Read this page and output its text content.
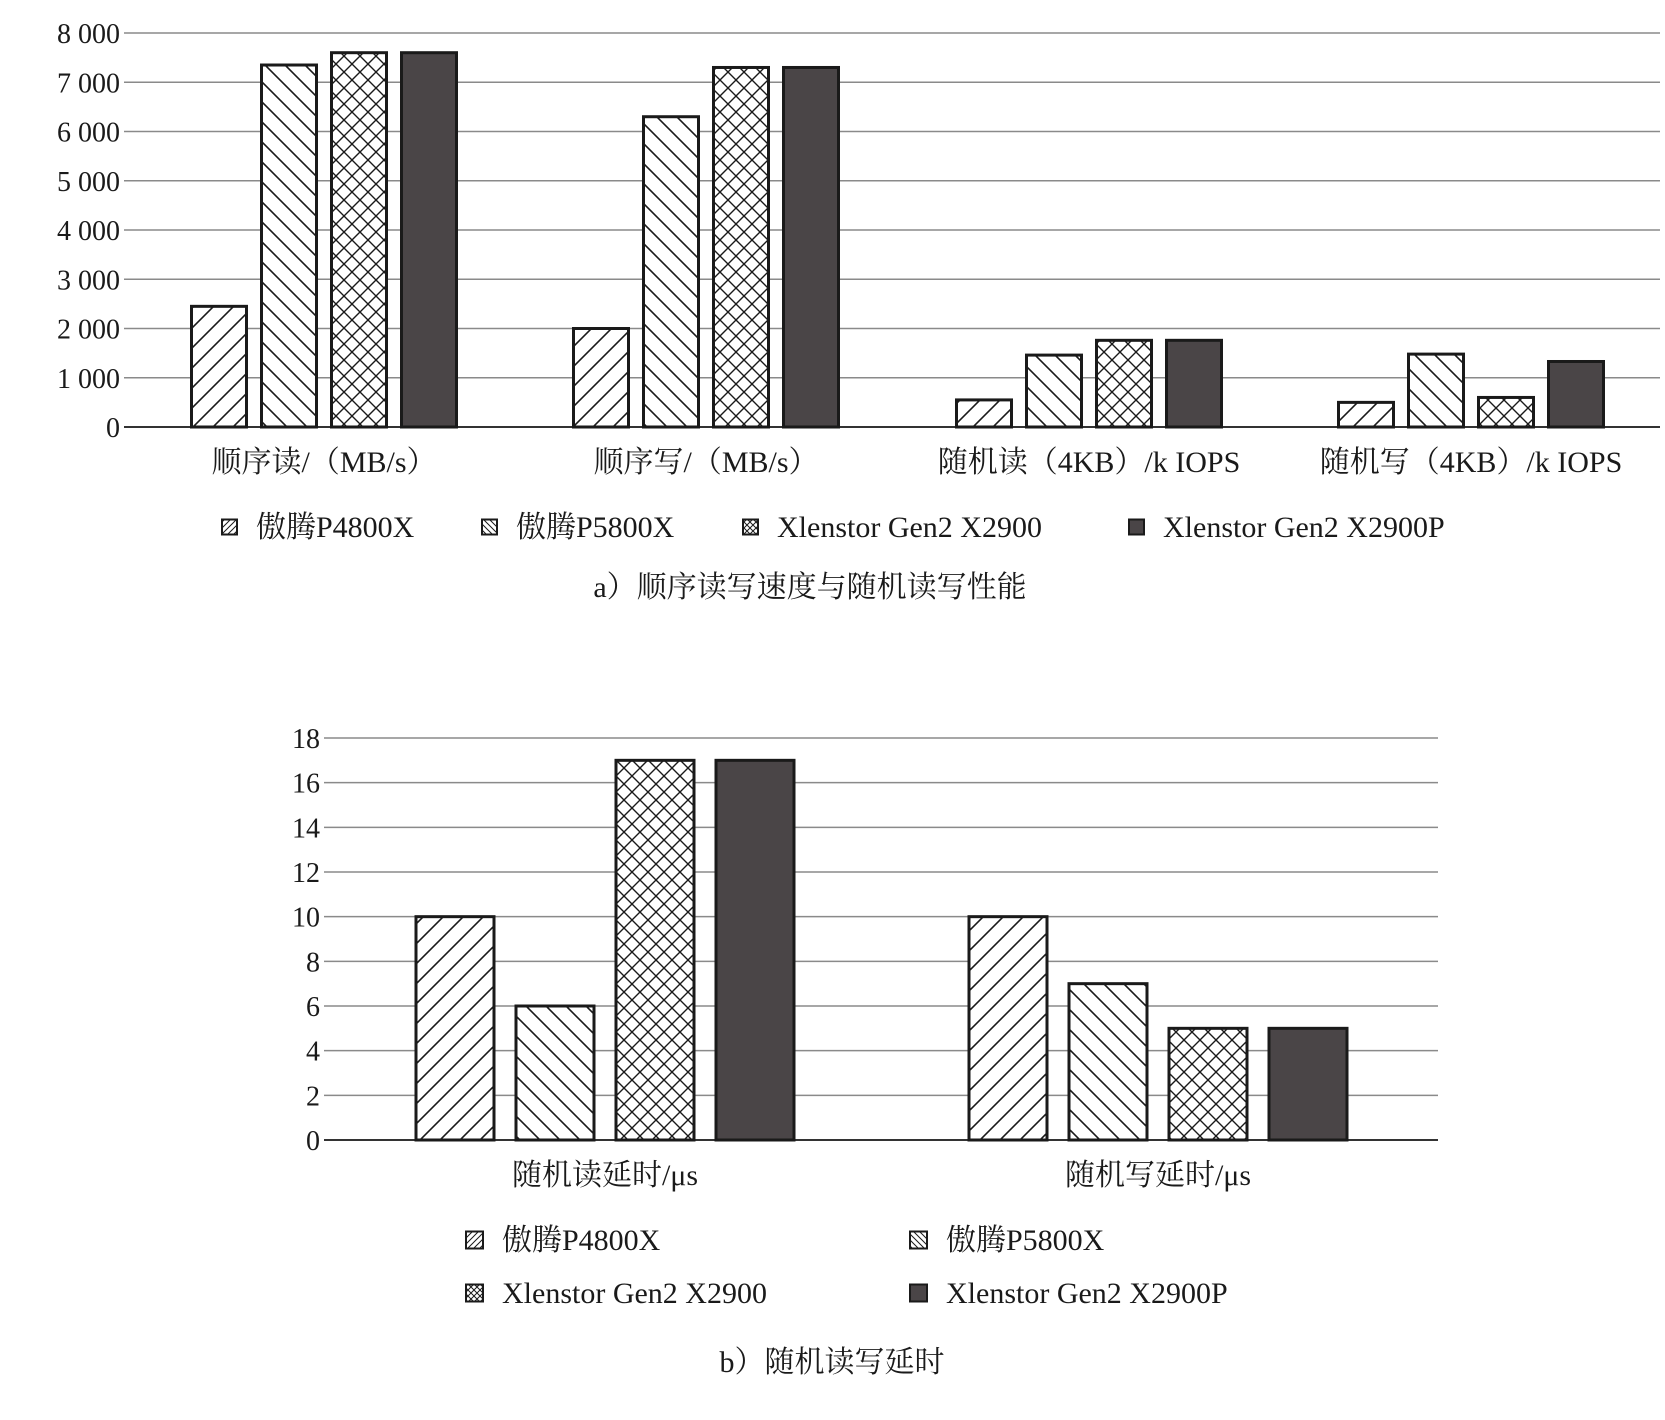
0
1 000
2 000
3 000
4 000
5 000
6 000
7 000
8 000
顺序读/（MB/s）	顺序写/（MB/s）	随机读（4KB）/k IOPS	随机写（4KB）/k IOPS
傲腾P4800X	傲腾P5800X	Xlenstor Gen2 X2900	Xlenstor Gen2 X2900P
a）顺序读写速度与随机读写性能
0
2
4
6
8
10
12
14
16
18
随机读延时/μs	随机写延时/μs
傲腾P4800X	傲腾P5800X
Xlenstor Gen2 X2900	Xlenstor Gen2 X2900P
b）随机读写延时
